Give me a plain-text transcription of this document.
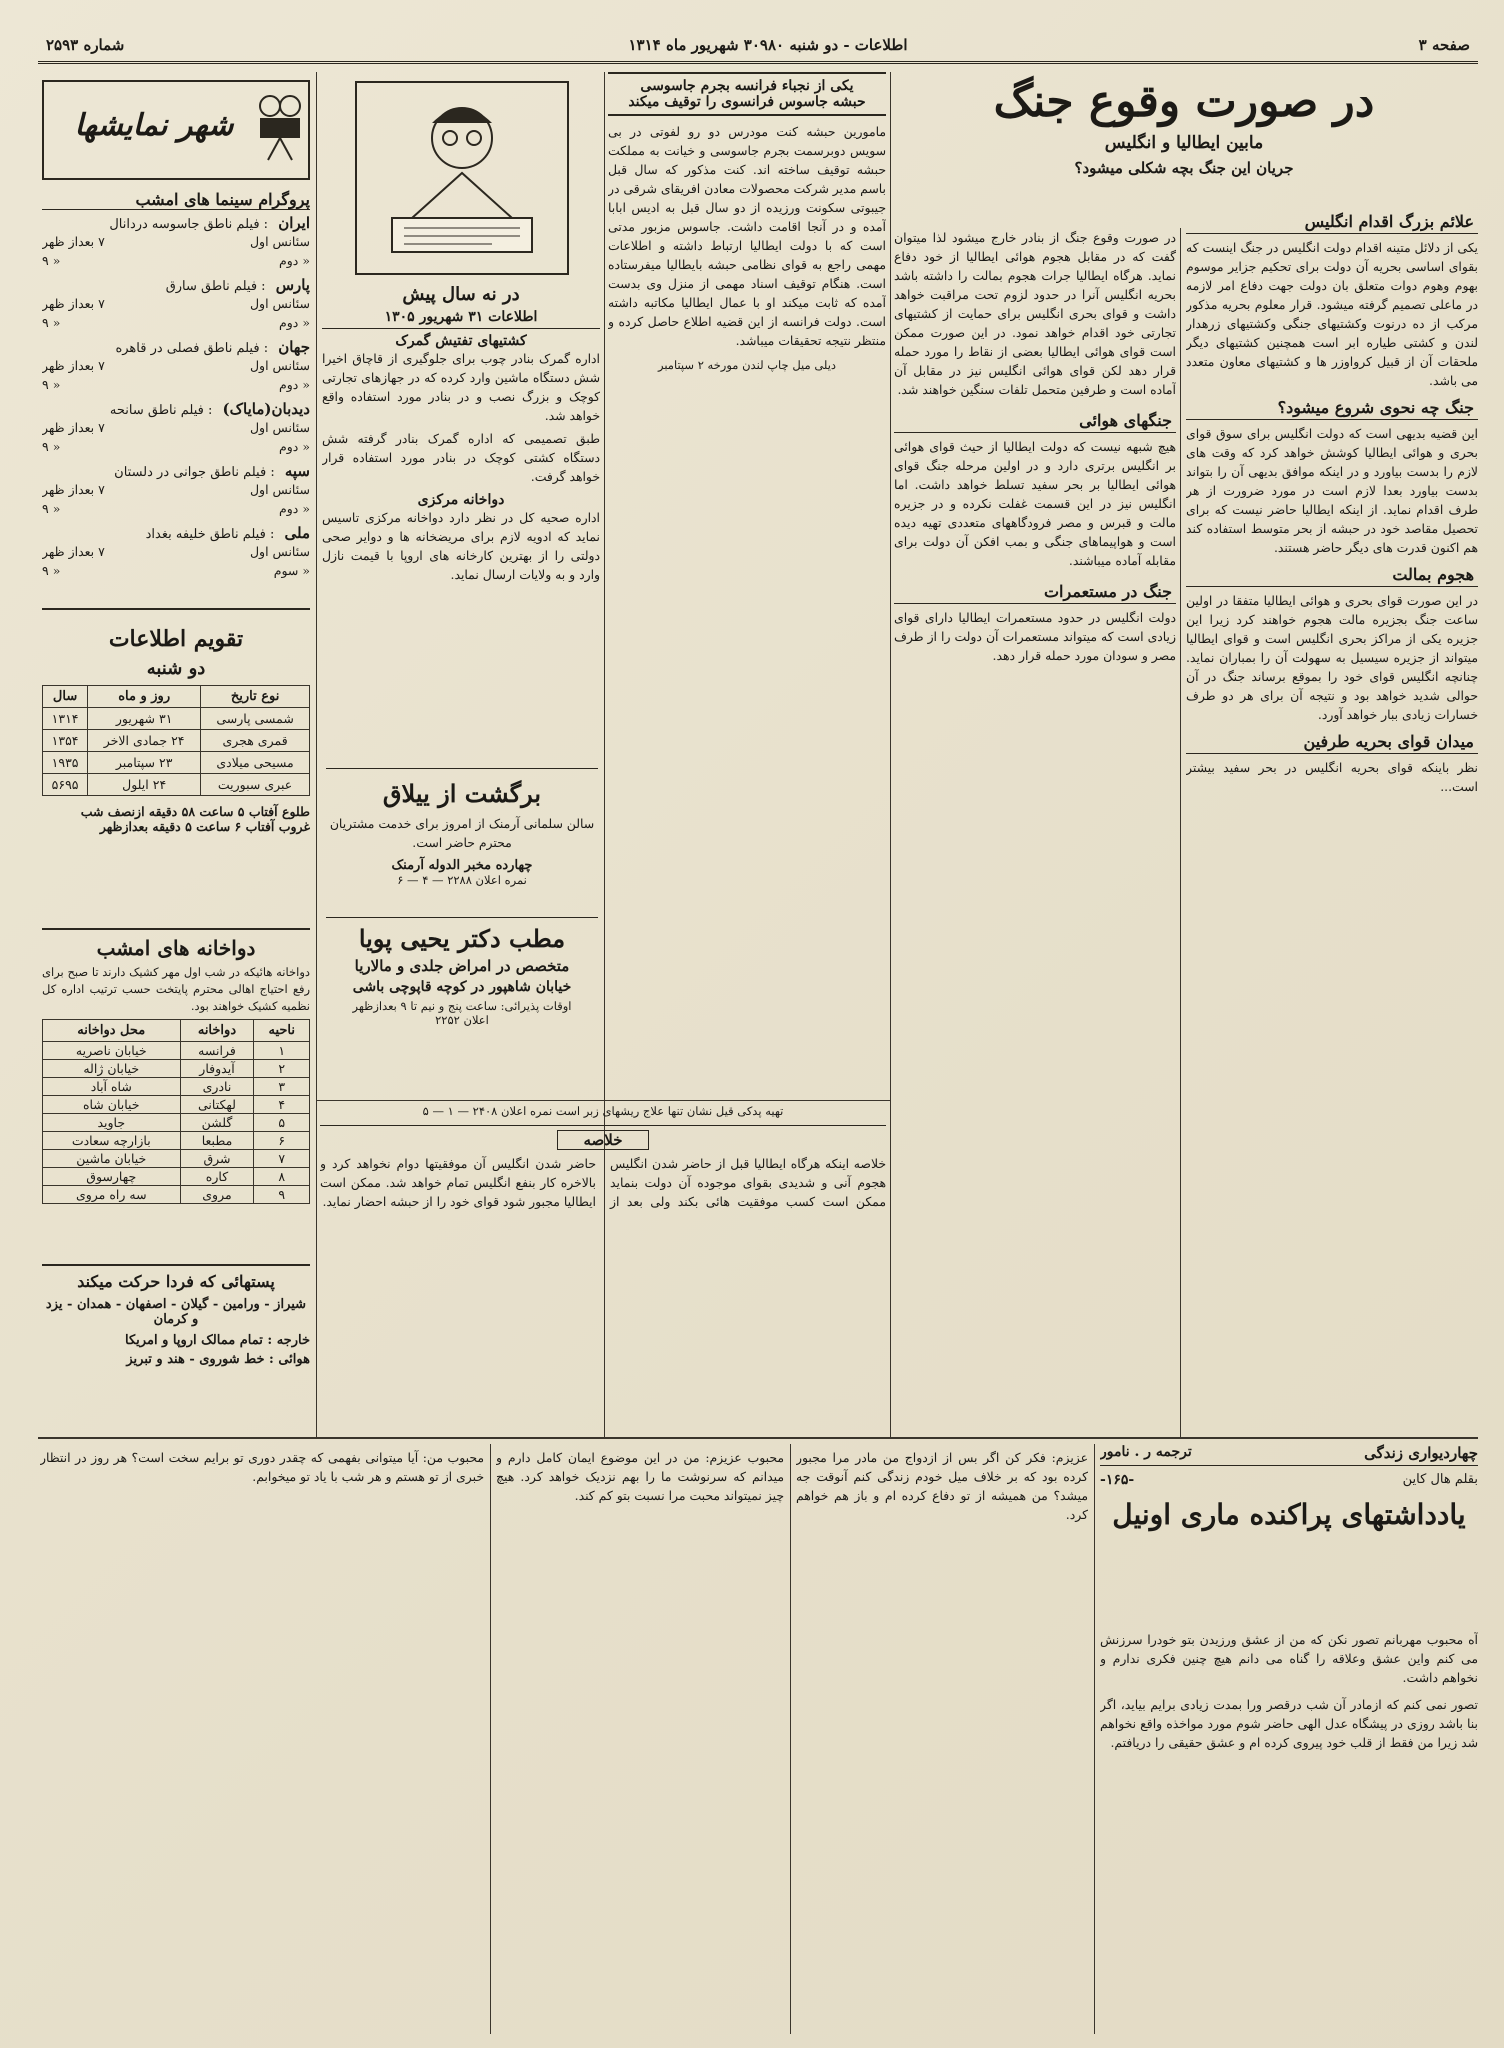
صفحه ۳
اطلاعات - دو شنبه ۳۰۹۸۰ شهریور ماه ۱۳۱۴
شماره ۲۵۹۳
در صورت وقوع جنگ
مابین ایطالیا و انگلیس
جریان این جنگ بچه شکلی میشود؟
علائم بزرگ اقدام انگلیس
یکی از دلائل متینه اقدام دولت انگلیس در جنگ اینست که بقوای اساسی بحریه آن دولت برای تحکیم جزایر موسوم بهوم وهوم دوات متعلق بان دولت جهت دفاع امر لازمه در ماعلی تصمیم گرفته میشود. قرار معلوم بحریه مذکور مرکب از ده درنوت وکشتیهای جنگی وکشتیهای زرهدار لندن و کشتی طیاره ابر است همچنین کشتیهای دیگر ملحقات آن از قبیل کرواوزر ها و کشتیهای معاون متعدد می باشد.
جنگ چه نحوی شروع میشود؟
این قضیه بدیهی است که دولت انگلیس برای سوق قوای بحری و هوائی ایطالیا کوشش خواهد کرد که وقت های لازم را بدست بیاورد و در اینکه موافق بدیهی آن را بتواند بدست بیاورد بعدا لازم است در مورد ضرورت از هر طرف اقدام نماید. از اینکه ایطالیا حاضر نیست که برای تحصیل مقاصد خود در حبشه از بحر متوسط استفاده کند هم اکنون قدرت های دیگر حاضر هستند.
هجوم بمالت
در این صورت قوای بحری و هوائی ایطالیا متفقا در اولین ساعت جنگ بجزیره مالت هجوم خواهند کرد زیرا این جزیره یکی از مراکز بحری انگلیس است و قوای ایطالیا میتواند از جزیره سیسیل به سهولت آن را بمباران نماید. چنانچه انگلیس قوای خود را بموقع برساند جنگ در آن حوالی شدید خواهد بود و نتیجه آن برای هر دو طرف خسارات زیادی ببار خواهد آورد.
میدان قوای بحریه طرفین
نظر باینکه قوای بحریه انگلیس در بحر سفید بیشتر است...
در صورت وقوع جنگ از بنادر خارج میشود لذا میتوان گفت که در مقابل هجوم هوائی ایطالیا از خود دفاع نماید. هرگاه ایطالیا جرات هجوم بمالت را داشته باشد بحریه انگلیس آنرا در حدود لزوم تحت مراقبت خواهد داشت و قوای بحری انگلیس برای حمایت از کشتیهای تجارتی خود اقدام خواهد نمود. در این صورت ممکن است قوای هوائی ایطالیا بعضی از نقاط را مورد حمله قرار دهد لکن قوای هوائی انگلیس نیز در مقابل آن آماده است و طرفین متحمل تلفات سنگین خواهند شد.
جنگهای هوائی
هیچ شبهه نیست که دولت ایطالیا از حیث قوای هوائی بر انگلیس برتری دارد و در اولین مرحله جنگ قوای هوائی ایطالیا بر بحر سفید تسلط خواهد داشت. اما انگلیس نیز در این قسمت غفلت نکرده و در جزیره مالت و قبرس و مصر فرودگاههای متعددی تهیه دیده است و هواپیماهای جنگی و بمب افکن آن دولت برای مقابله آماده میباشند.
جنگ در مستعمرات
دولت انگلیس در حدود مستعمرات ایطالیا دارای قوای زیادی است که میتواند مستعمرات آن دولت را از طرف مصر و سودان مورد حمله قرار دهد.
یکی از نجباء فرانسه بجرم جاسوسی
حبشه جاسوس فرانسوی را توقیف میکند
مامورین حبشه کنت مودرس دو رو لفوتی در بی سویس دوبرسمت بجرم جاسوسی و خیانت به مملکت حبشه توقیف ساخته اند. کنت مذکور که سال قبل باسم مدیر شرکت محصولات معادن افریقای شرقی در جیبوتی سکونت ورزیده از دو سال قبل به ادیس ابابا آمده و در آنجا اقامت داشت. جاسوس مزبور مدتی است که با دولت ایطالیا ارتباط داشته و اطلاعات مهمی راجع به قوای نظامی حبشه بایطالیا میفرستاده است. هنگام توقیف اسناد مهمی از منزل وی بدست آمده که ثابت میکند او با عمال ایطالیا مکاتبه داشته است. دولت فرانسه از این قضیه اطلاع حاصل کرده و منتظر نتیجه تحقیقات میباشد.
دیلی میل چاپ لندن مورخه ۲ سپتامبر
در نه سال پیش
اطلاعات ۳۱ شهریور ۱۳۰۵
کشتیهای تفتیش گمرک
اداره گمرک بنادر چوب برای جلوگیری از قاچاق اخیرا شش دستگاه ماشین وارد کرده که در جهازهای تجارتی کوچک و بزرگ نصب و در بنادر مورد استفاده واقع خواهد شد.
طبق تصمیمی که اداره گمرک بنادر گرفته شش دستگاه کشتی کوچک در بنادر مورد استفاده قرار خواهد گرفت.
دواخانه مرکزی
اداره صحیه کل در نظر دارد دواخانه مرکزی تاسیس نماید که ادویه لازم برای مریضخانه ها و دوایر صحی دولتی را از بهترین کارخانه های اروپا با قیمت نازل وارد و به ولایات ارسال نماید.
برگشت از ییلاق
سالن سلمانی آرمنک از امروز برای خدمت مشتریان محترم حاضر است.
چهارده مخبر الدوله آرمنک
نمره اعلان ۲۲۸۸ — ۴ — ۶
مطب دکتر یحیی پویا
متخصص در امراض جلدی و مالاریا
خیابان شاهپور در کوچه قاپوچی باشی
اوقات پذیرائی: ساعت پنج و نیم تا ۹ بعدازظهر
اعلان ۲۲۵۲
تهیه پدکی قیل نشان تنها علاج ریشهای زبر است نمره اعلان ۲۴۰۸ — ۱ — ۵
خلاصه
خلاصه اینکه هرگاه ایطالیا قبل از حاضر شدن انگلیس هجوم آنی و شدیدی بقوای موجوده آن دولت بنماید ممکن است کسب موفقیت هائی بکند ولی بعد از حاضر شدن انگلیس آن موفقیتها دوام نخواهد کرد و بالاخره کار بنفع انگلیس تمام خواهد شد. ممکن است ایطالیا مجبور شود قوای خود را از حبشه احضار نماید.
شهر نمایشها
پروگرام سینما های امشب
ایران : فیلم ناطق جاسوسه دردانال
سئانس اول
۷ بعداز ظهر
« دوم
« ۹
پارس : فیلم ناطق سارق
سئانس اول
۷ بعداز ظهر
« دوم
« ۹
جهان : فیلم ناطق فصلی در قاهره
سئانس اول
۷ بعداز ظهر
« دوم
« ۹
دیدبان(مایاک) : فیلم ناطق سانحه
سئانس اول
۷ بعداز ظهر
« دوم
« ۹
سپه : فیلم ناطق جوانی در دلستان
سئانس اول
۷ بعداز ظهر
« دوم
« ۹
ملی : فیلم ناطق خلیفه بغداد
سئانس اول
۷ بعداز ظهر
« سوم
« ۹
تقویم اطلاعات
دو شنبه
نوع تاریخ	روز و ماه	سال
شمسی پارسی	۳۱ شهریور	۱۳۱۴
قمری هجری	۲۴ جمادی الاخر	۱۳۵۴
مسیحی میلادی	۲۳ سپتامبر	۱۹۳۵
عبری سبوریت	۲۴ ایلول	۵۶۹۵
طلوع آفتاب ۵ ساعت ۵۸ دقیقه ازنصف شب
غروب آفتاب ۶ ساعت ۵ دقیقه بعدازظهر
دواخانه های امشب
دواخانه هائیکه در شب اول مهر کشیک دارند تا صبح برای رفع احتیاج اهالی محترم پایتخت حسب ترتیب اداره کل نظمیه کشیک خواهند بود.
ناحیه	دواخانه	محل دواخانه
۱	فرانسه	خیابان ناصریه
۲	آیدوفار	خیابان ژاله
۳	نادری	شاه آباد
۴	لهکتانی	خیابان شاه
۵	گلشن	جاوید
۶	مطبعا	بازارچه سعادت
۷	شرق	خیابان ماشین
۸	کاره	چهارسوق
۹	مروی	سه راه مروی
پستهائی که فردا حرکت میکند
شیراز - ورامین - گیلان - اصفهان - همدان - یزد و کرمان
خارجه : تمام ممالک اروپا و امریکا
هوائی : خط شوروی - هند و تبریز
چهاردیواری زندگی
ترجمه ر . نامور
بقلم هال کاین
-۱۶۵-
یادداشتهای پراکنده ماری اونیل
آه محبوب مهربانم تصور نکن که من از عشق ورزیدن بتو خودرا سرزنش می کنم واین عشق وعلاقه را گناه می دانم هیچ چنین فکری ندارم و نخواهم داشت.
تصور نمی کنم که ازمادر آن شب درقصر ورا بمدت زیادی برایم بیاید، اگر بنا باشد روزی در پیشگاه عدل الهی حاضر شوم مورد مواخذه واقع نخواهم شد زیرا من فقط از قلب خود پیروی کرده ام و عشق حقیقی را دریافتم.
عزیزم: فکر کن اگر بس از ازدواج من مادر مرا مجبور کرده بود که بر خلاف میل خودم زندگی کنم آنوقت جه میشد؟ من همیشه از تو دفاع کرده ام و باز هم خواهم کرد.
محبوب عزیزم: من در این موضوع ایمان کامل دارم و میدانم که سرنوشت ما را بهم نزدیک خواهد کرد. هیچ چیز نمیتواند محبت مرا نسبت بتو کم کند.
محبوب من: آیا میتوانی بفهمی که چقدر دوری تو برایم سخت است؟ هر روز در انتظار خبری از تو هستم و هر شب با یاد تو میخوابم.
